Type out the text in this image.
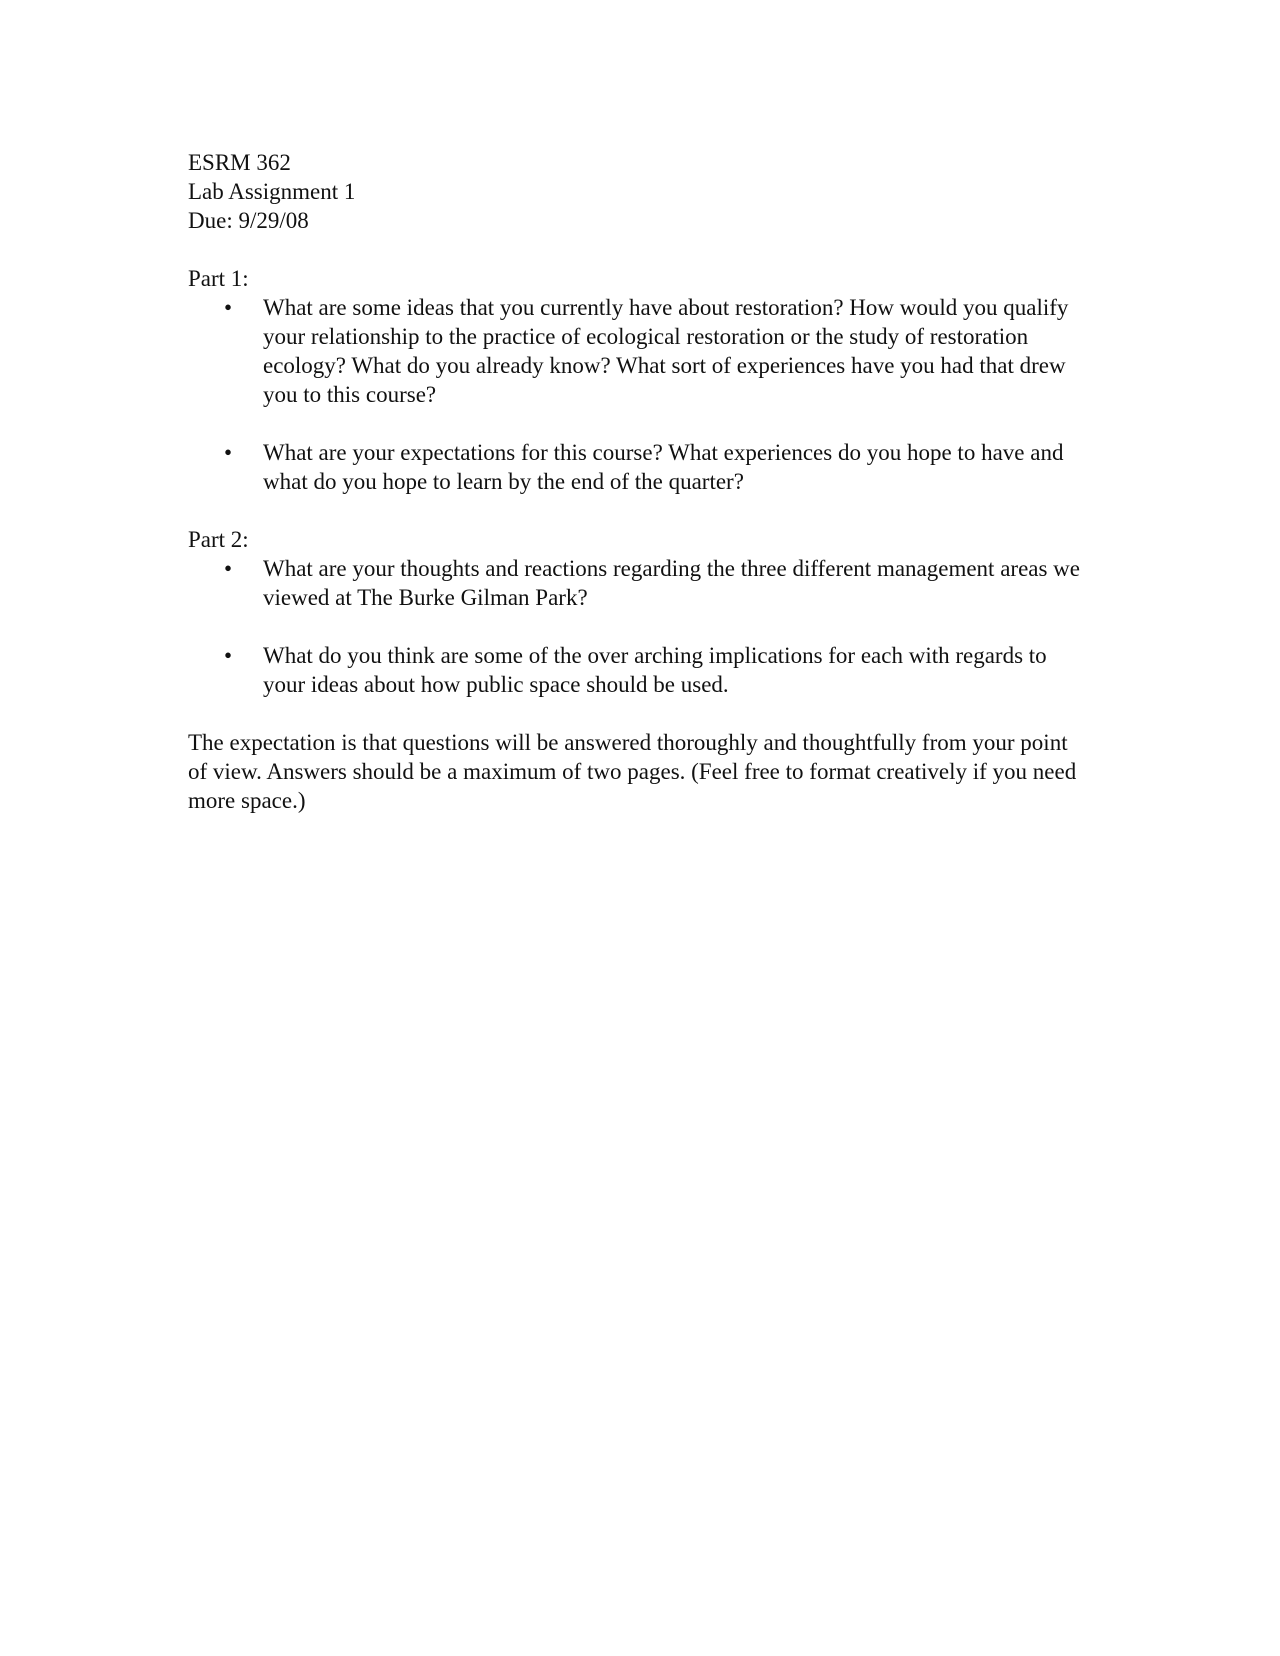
ESRM 362
Lab Assignment 1
Due: 9/29/08
Part 1:
• What are some ideas that you currently have about restoration? How would you qualify your relationship to the practice of ecological restoration or the study of restoration ecology? What do you already know? What sort of experiences have you had that drew you to this course?
• What are your expectations for this course? What experiences do you hope to have and what do you hope to learn by the end of the quarter?
Part 2:
• What are your thoughts and reactions regarding the three different management areas we viewed at The Burke Gilman Park?
• What do you think are some of the over arching implications for each with regards to your ideas about how public space should be used.

The expectation is that questions will be answered thoroughly and thoughtfully from your point of view. Answers should be a maximum of two pages. (Feel free to format creatively if you need more space.)
